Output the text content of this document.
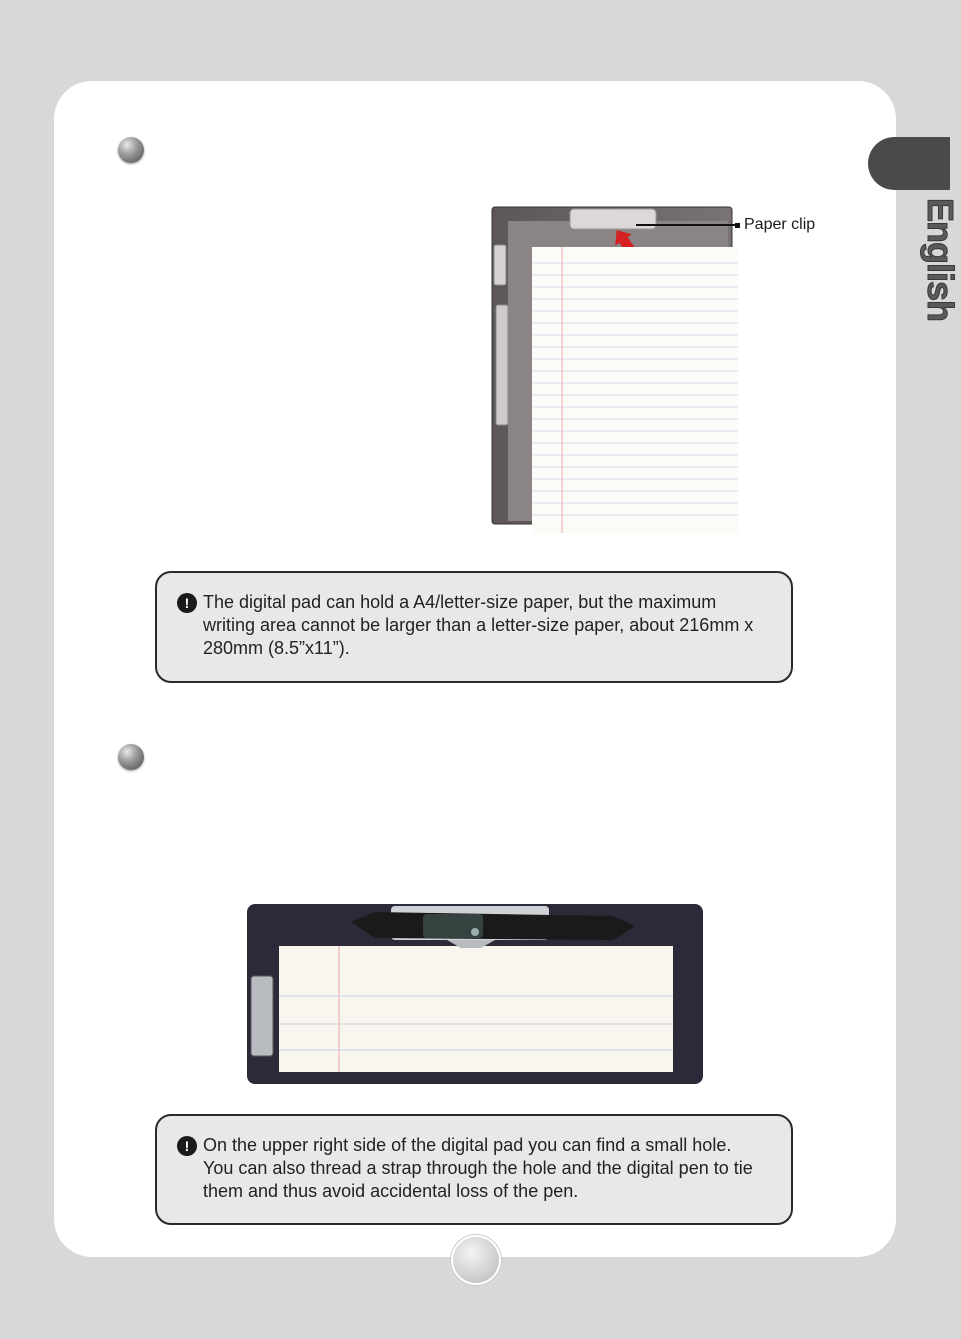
English
Paper clip
! The digital pad can hold a A4/letter-size paper, but the maximum writing area cannot be larger than a letter-size paper, about 216mm x 280mm (8.5”x11”).
! On the upper right side of the digital pad you can find a small hole. You can also thread a strap through the hole and the digital pen to tie them and thus avoid accidental loss of the pen.
